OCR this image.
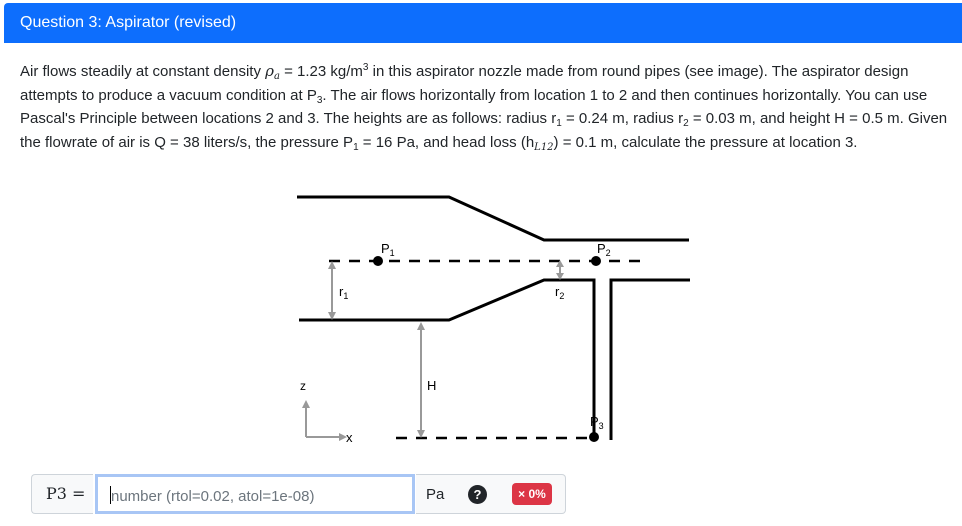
Question 3: Aspirator (revised)

Air flows steadily at constant density $\rho_a = 1.23$ $kg/m^3$ in this aspirator nozzle made from round pipes (see image). The aspirator design attempts to produce a vacuum condition at $P_3$. The air flows horizontally from location 1 to 2 and then continues horizontally. You can use Pascal's Principle between locations 2 and 3. The heights are as follows: radius $r_1 = 0.24$ m, radius $r_2 = 0.03$ m, and height H = 0.5 m. Given the flowrate of air is Q = 38 liters/s, the pressure $P_1 = 16$ Pa, and head loss $(h_{L12}) = 0.1$ m, calculate the pressure at location 3.

$P_1$	$P_2$
$P_3$
$r_1$	$r_2$
H
z
x
P3 =	number (rtol=0.02, atol=1e-08)	Pa	?	× 0%
